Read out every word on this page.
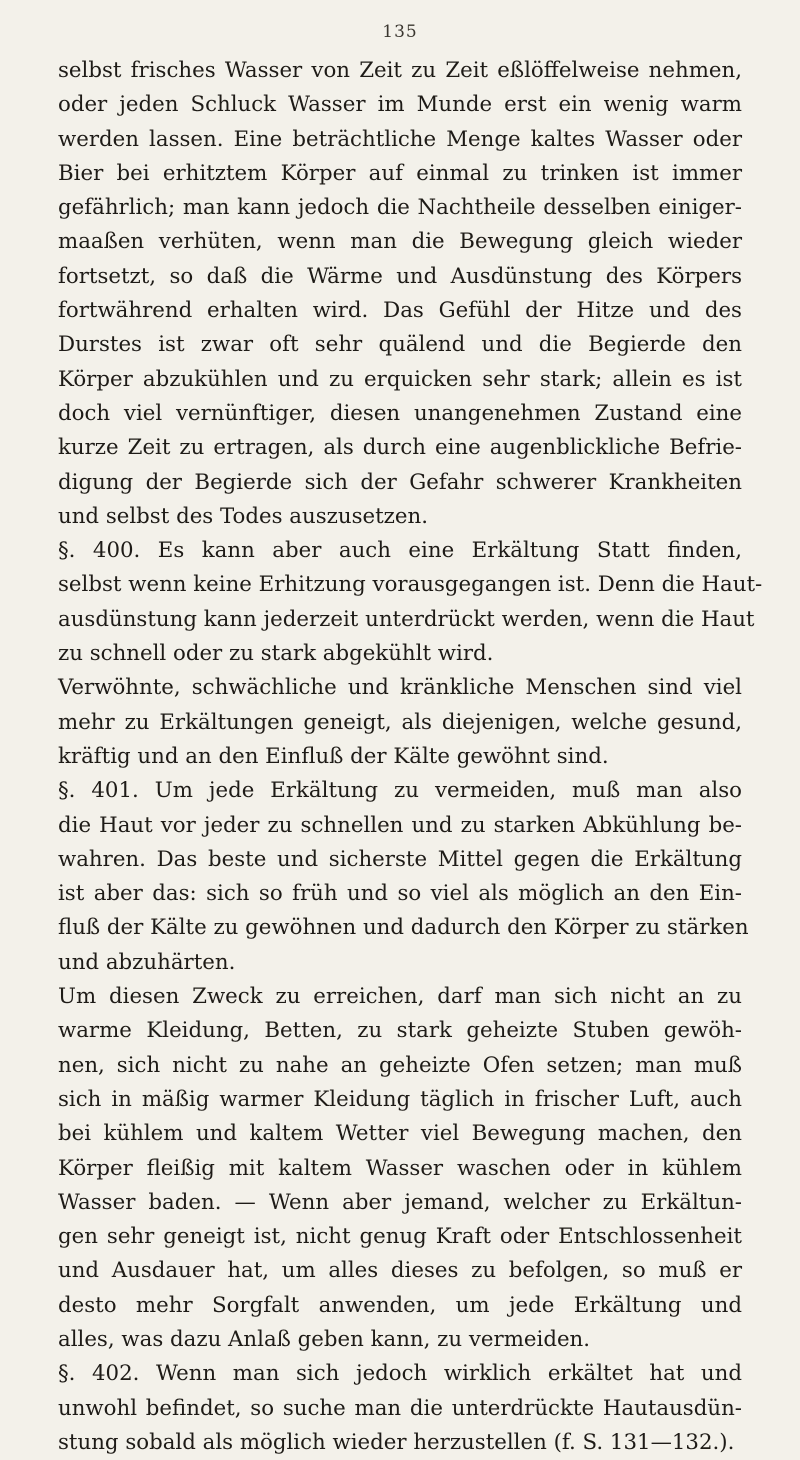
135
selbst frisches Wasser von Zeit zu Zeit eßlöffelweise nehmen,
oder jeden Schluck Wasser im Munde erst ein wenig warm
werden lassen. Eine beträchtliche Menge kaltes Wasser oder
Bier bei erhitztem Körper auf einmal zu trinken ist immer
gefährlich; man kann jedoch die Nachtheile desselben einiger-
maaßen verhüten, wenn man die Bewegung gleich wieder
fortsetzt, so daß die Wärme und Ausdünstung des Körpers
fortwährend erhalten wird. Das Gefühl der Hitze und des
Durstes ist zwar oft sehr quälend und die Begierde den
Körper abzukühlen und zu erquicken sehr stark; allein es ist
doch viel vernünftiger, diesen unangenehmen Zustand eine
kurze Zeit zu ertragen, als durch eine augenblickliche Befrie-
digung der Begierde sich der Gefahr schwerer Krankheiten
und selbst des Todes auszusetzen.
§. 400. Es kann aber auch eine Erkältung Statt finden,
selbst wenn keine Erhitzung vorausgegangen ist. Denn die Haut-
ausdünstung kann jederzeit unterdrückt werden, wenn die Haut
zu schnell oder zu stark abgekühlt wird.
Verwöhnte, schwächliche und kränkliche Menschen sind viel
mehr zu Erkältungen geneigt, als diejenigen, welche gesund,
kräftig und an den Einfluß der Kälte gewöhnt sind.
§. 401. Um jede Erkältung zu vermeiden, muß man also
die Haut vor jeder zu schnellen und zu starken Abkühlung be-
wahren. Das beste und sicherste Mittel gegen die Erkältung
ist aber das: sich so früh und so viel als möglich an den Ein-
fluß der Kälte zu gewöhnen und dadurch den Körper zu stärken
und abzuhärten.
Um diesen Zweck zu erreichen, darf man sich nicht an zu
warme Kleidung, Betten, zu stark geheizte Stuben gewöh-
nen, sich nicht zu nahe an geheizte Ofen setzen; man muß
sich in mäßig warmer Kleidung täglich in frischer Luft, auch
bei kühlem und kaltem Wetter viel Bewegung machen, den
Körper fleißig mit kaltem Wasser waschen oder in kühlem
Wasser baden. — Wenn aber jemand, welcher zu Erkältun-
gen sehr geneigt ist, nicht genug Kraft oder Entschlossenheit
und Ausdauer hat, um alles dieses zu befolgen, so muß er
desto mehr Sorgfalt anwenden, um jede Erkältung und
alles, was dazu Anlaß geben kann, zu vermeiden.
§. 402. Wenn man sich jedoch wirklich erkältet hat und
unwohl befindet, so suche man die unterdrückte Hautausdün-
stung sobald als möglich wieder herzustellen (f. S. 131—132.).
